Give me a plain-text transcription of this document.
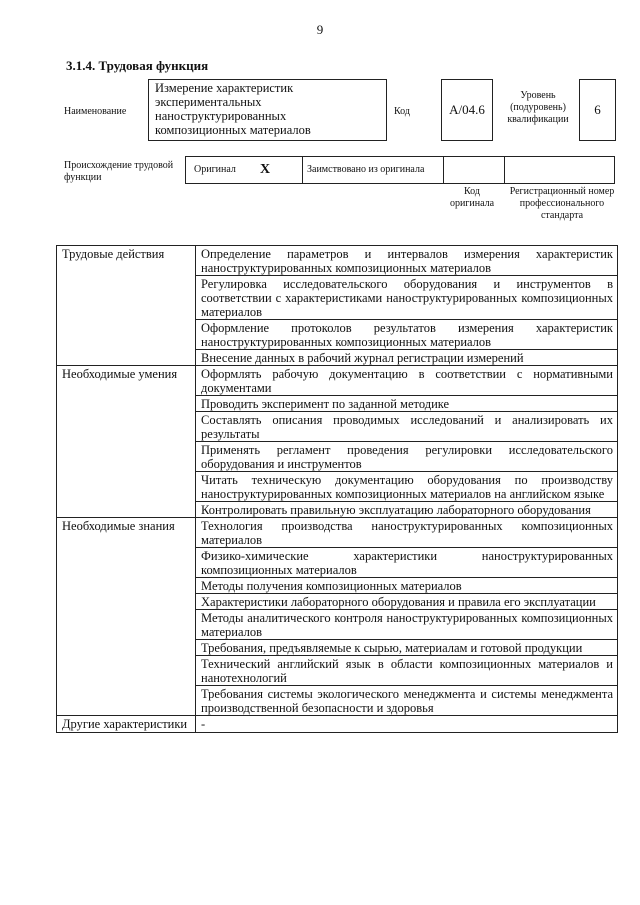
9
3.1.4. Трудовая функция
Наименование
Измерение характеристик экспериментальных наноструктурированных композиционных материалов
Код	A/04.6
Уровень (подуровень) квалификации
6
Происхождение трудовой функции
Оригинал	X	Заимствовано из оригинала
Код оригинала
Регистрационный номер профессионального стандарта
Трудовые действия	Определение параметров и интервалов измерения характеристик наноструктурированных композиционных материалов
	Регулировка исследовательского оборудования и инструментов в соответствии с характеристиками наноструктурированных композиционных материалов
	Оформление протоколов результатов измерения характеристик наноструктурированных композиционных материалов
	Внесение данных в рабочий журнал регистрации измерений
Необходимые умения	Оформлять рабочую документацию в соответствии с нормативными документами
	Проводить эксперимент по заданной методике
	Составлять описания проводимых исследований и анализировать их результаты
	Применять регламент проведения регулировки исследовательского оборудования и инструментов
	Читать техническую документацию оборудования по производству наноструктурированных композиционных материалов на английском языке
	Контролировать правильную эксплуатацию лабораторного оборудования
Необходимые знания	Технология производства наноструктурированных композиционных материалов
	Физико-химические характеристики наноструктурированных композиционных материалов
	Методы получения композиционных материалов
	Характеристики лабораторного оборудования и правила его эксплуатации
	Методы аналитического контроля наноструктурированных композиционных материалов
	Требования, предъявляемые к сырью, материалам и готовой продукции
	Технический английский язык в области композиционных материалов и нанотехнологий
	Требования системы экологического менеджмента и системы менеджмента производственной безопасности и здоровья
Другие характеристики	-
